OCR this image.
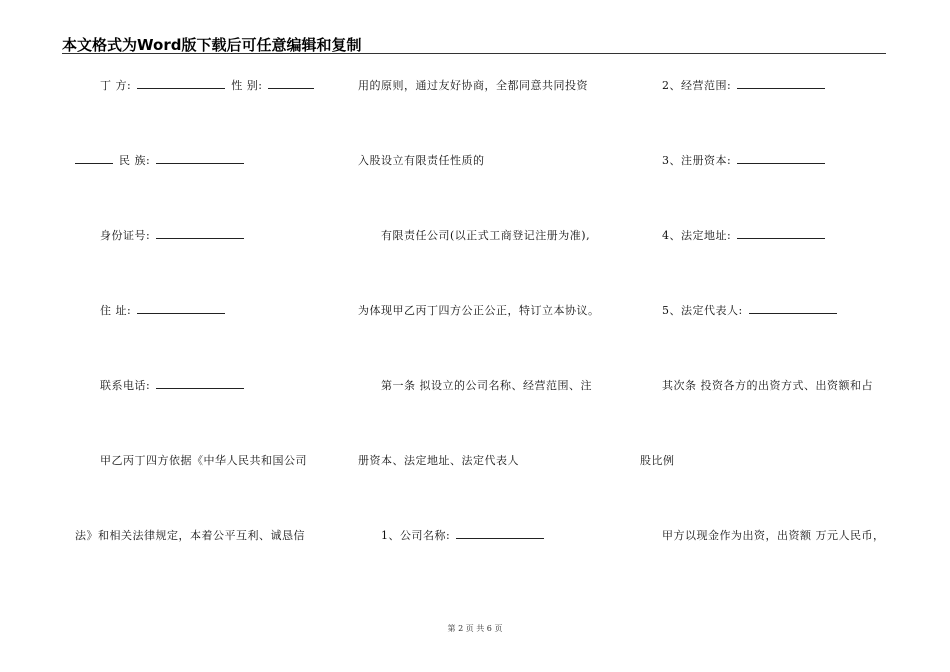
本文格式为Word版下载后可任意编辑和复制
丁 方:	性 别:
民 族:
身份证号:
住 址:
联系电话:
甲乙丙丁四方依据《中华人民共和国公司
法》和相关法律规定，本着公平互利、诚恳信
用的原则，通过友好协商，全都同意共同投资
入股设立有限责任性质的
有限责任公司(以正式工商登记注册为准),
为体现甲乙丙丁四方公正公正，特订立本协议。
第一条 拟设立的公司名称、经营范围、注
册资本、法定地址、法定代表人
1、公司名称:
2、经营范围:
3、注册资本:
4、法定地址:
5、法定代表人:
其次条 投资各方的出资方式、出资额和占
股比例
甲方以现金作为出资，出资额 万元人民币，
第 2 页 共 6 页
